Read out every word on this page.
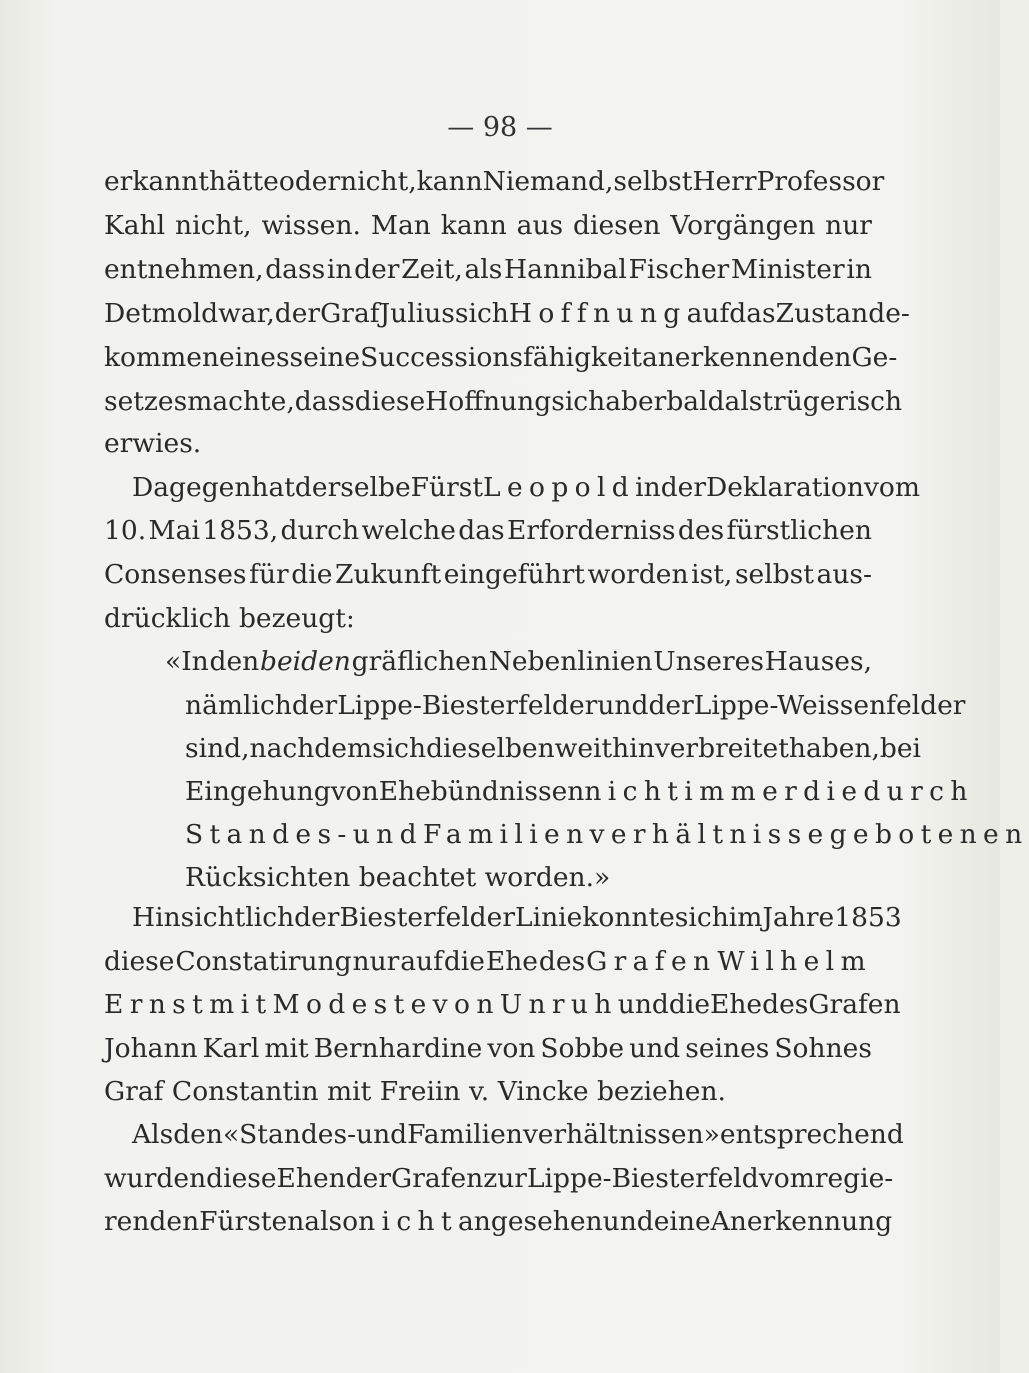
— 98 —
erkannt hätte oder nicht, kann Niemand, selbst Herr Professor
Kahl nicht, wissen. Man kann aus diesen Vorgängen nur
entnehmen, dass in der Zeit, als Hannibal Fischer Minister in
Detmold war, der Graf Julius sich Hoffnung auf das Zustande-
kommen eines seine Successionsfähigkeit anerkennenden Ge-
setzes machte, dass diese Hoffnung sich aber bald als trügerisch
erwies.
Dagegen hat derselbe Fürst Leopold in der Deklaration vom
10. Mai 1853, durch welche das Erforderniss des fürstlichen
Consenses für die Zukunft eingeführt worden ist, selbst aus-
drücklich bezeugt:
«In den beiden gräflichen Nebenlinien Unseres Hauses,
nämlich der Lippe-Biesterfelder und der Lippe-Weissenfelder
sind, nachdem sich dieselben weithin verbreitet haben, bei
Eingehung von Ehebündnissen nicht immer die durch
Standes- und Familienverhältnisse gebotenen
Rücksichten beachtet worden.»
Hinsichtlich der Biesterfelder Linie konnte sich im Jahre 1853
diese Constatirung nur auf die Ehe des Grafen Wilhelm
Ernst mit Modeste von Unruh und die Ehe des Grafen
Johann Karl mit Bernhardine von Sobbe und seines Sohnes
Graf Constantin mit Freiin v. Vincke beziehen.
Als den «Standes- und Familienverhältnissen» entsprechend
wurden diese Ehen der Grafen zur Lippe-Biesterfeld vom regie-
renden Fürsten also nicht angesehen und eine Anerkennung
